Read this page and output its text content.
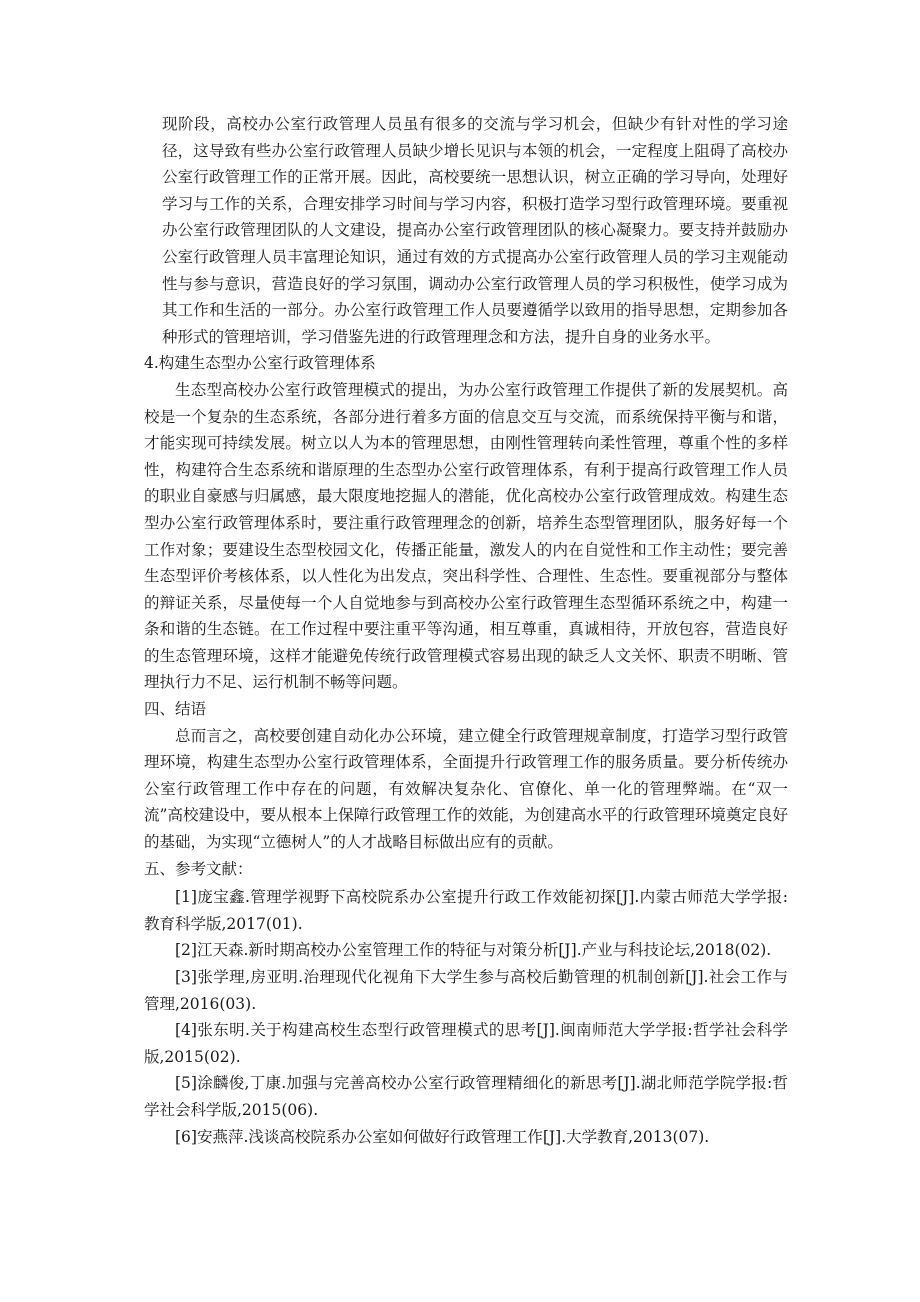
现阶段，高校办公室行政管理人员虽有很多的交流与学习机会，但缺少有针对性的学习途径，这导致有些办公室行政管理人员缺少增长见识与本领的机会，一定程度上阻碍了高校办公室行政管理工作的正常开展。因此，高校要统一思想认识，树立正确的学习导向，处理好学习与工作的关系，合理安排学习时间与学习内容，积极打造学习型行政管理环境。要重视办公室行政管理团队的人文建设，提高办公室行政管理团队的核心凝聚力。要支持并鼓励办公室行政管理人员丰富理论知识，通过有效的方式提高办公室行政管理人员的学习主观能动性与参与意识，营造良好的学习氛围，调动办公室行政管理人员的学习积极性，使学习成为其工作和生活的一部分。办公室行政管理工作人员要遵循学以致用的指导思想，定期参加各种形式的管理培训，学习借鉴先进的行政管理理念和方法，提升自身的业务水平。

4.构建生态型办公室行政管理体系

生态型高校办公室行政管理模式的提出，为办公室行政管理工作提供了新的发展契机。高校是一个复杂的生态系统，各部分进行着多方面的信息交互与交流，而系统保持平衡与和谐，才能实现可持续发展。树立以人为本的管理思想，由刚性管理转向柔性管理，尊重个性的多样性，构建符合生态系统和谐原理的生态型办公室行政管理体系，有利于提高行政管理工作人员的职业自豪感与归属感，最大限度地挖掘人的潜能，优化高校办公室行政管理成效。构建生态型办公室行政管理体系时，要注重行政管理理念的创新，培养生态型管理团队，服务好每一个工作对象；要建设生态型校园文化，传播正能量，激发人的内在自觉性和工作主动性；要完善生态型评价考核体系，以人性化为出发点，突出科学性、合理性、生态性。要重视部分与整体的辩证关系，尽量使每一个人自觉地参与到高校办公室行政管理生态型循环系统之中，构建一条和谐的生态链。在工作过程中要注重平等沟通，相互尊重，真诚相待，开放包容，营造良好的生态管理环境，这样才能避免传统行政管理模式容易出现的缺乏人文关怀、职责不明晰、管理执行力不足、运行机制不畅等问题。

四、结语

总而言之，高校要创建自动化办公环境，建立健全行政管理规章制度，打造学习型行政管理环境，构建生态型办公室行政管理体系，全面提升行政管理工作的服务质量。要分析传统办公室行政管理工作中存在的问题，有效解决复杂化、官僚化、单一化的管理弊端。在“双一流”高校建设中，要从根本上保障行政管理工作的效能，为创建高水平的行政管理环境奠定良好的基础，为实现“立德树人”的人才战略目标做出应有的贡献。

五、参考文献：

[1]庞宝鑫.管理学视野下高校院系办公室提升行政工作效能初探[J].内蒙古师范大学学报:教育科学版,2017(01).

[2]江天森.新时期高校办公室管理工作的特征与对策分析[J].产业与科技论坛,2018(02).

[3]张学理,房亚明.治理现代化视角下大学生参与高校后勤管理的机制创新[J].社会工作与管理,2016(03).

[4]张东明.关于构建高校生态型行政管理模式的思考[J].闽南师范大学学报:哲学社会科学版,2015(02).

[5]涂麟俊,丁康.加强与完善高校办公室行政管理精细化的新思考[J].湖北师范学院学报:哲学社会科学版,2015(06).

[6]安燕萍.浅谈高校院系办公室如何做好行政管理工作[J].大学教育,2013(07).
